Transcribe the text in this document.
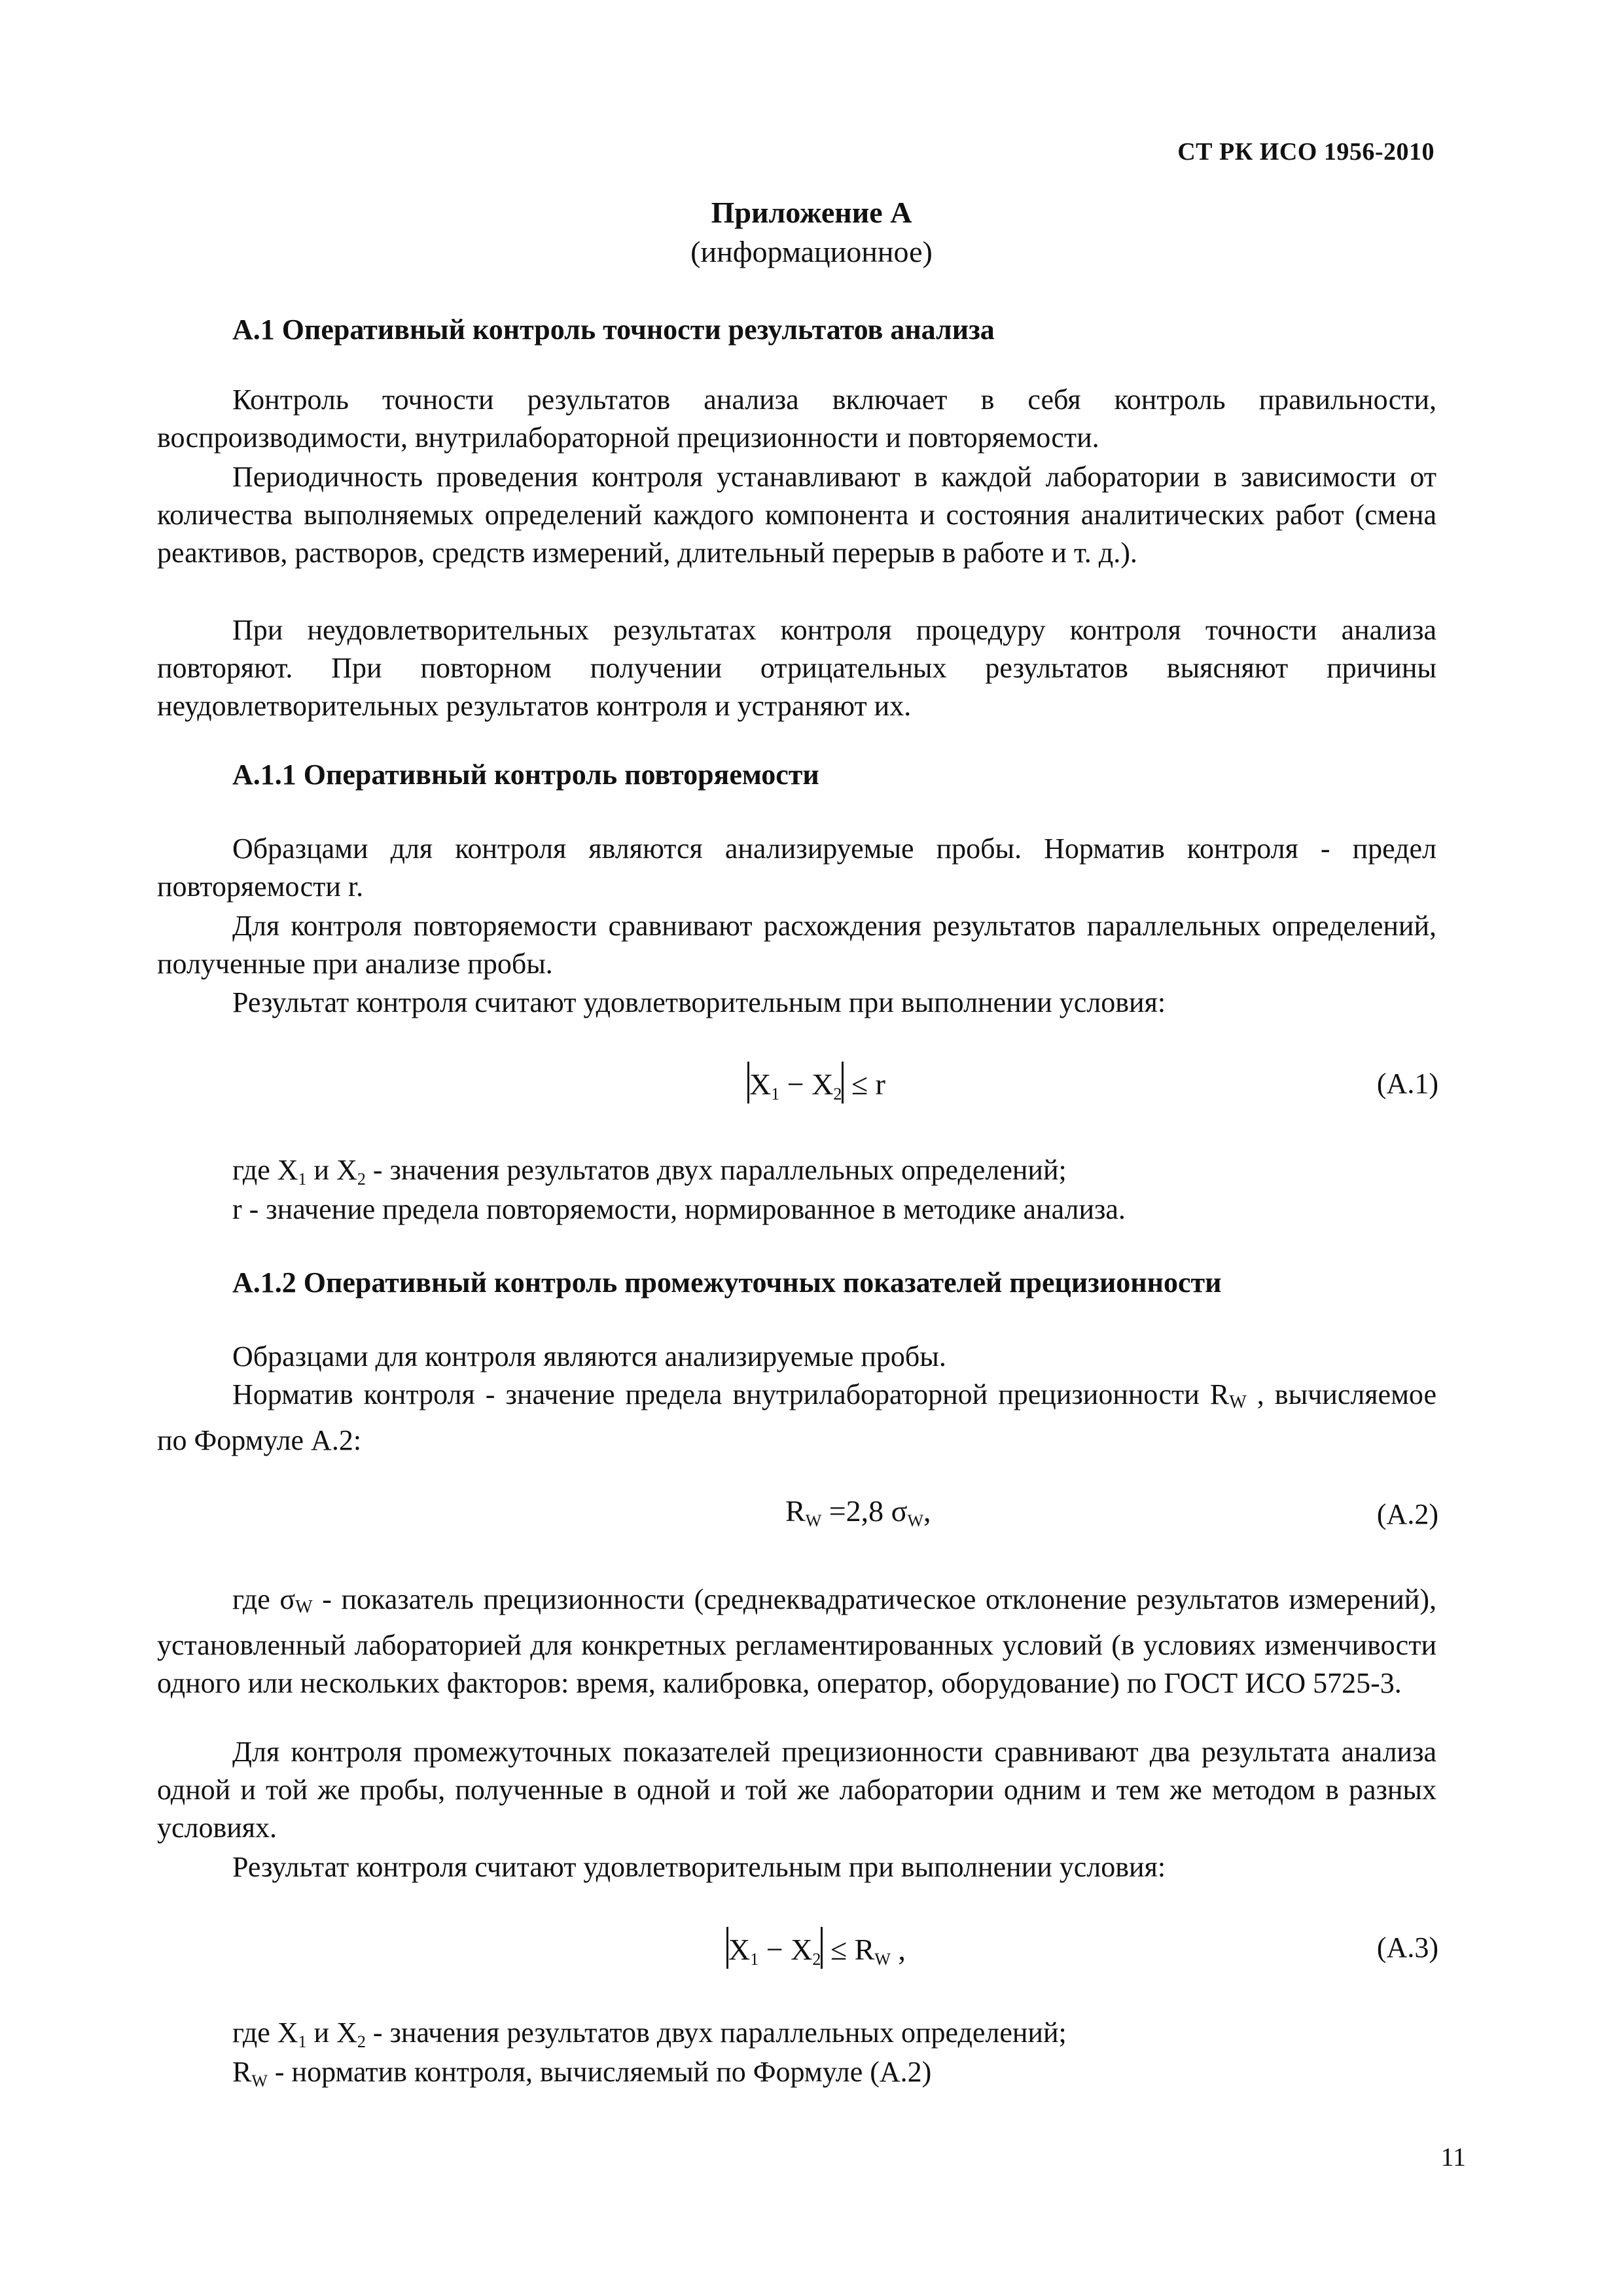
СТ РК ИСО 1956-2010
Приложение А
(информационное)
А.1 Оперативный контроль точности результатов анализа
Контроль точности результатов анализа включает в себя контроль правильности, воспроизводимости, внутрилабораторной прецизионности и повторяемости.
Периодичность проведения контроля устанавливают в каждой лаборатории в зависимости от количества выполняемых определений каждого компонента и состояния аналитических работ (смена реактивов, растворов, средств измерений, длительный перерыв в работе и т. д.).
При неудовлетворительных результатах контроля процедуру контроля точности анализа повторяют. При повторном получении отрицательных результатов выясняют причины неудовлетворительных результатов контроля и устраняют их.
А.1.1 Оперативный контроль повторяемости
Образцами для контроля являются анализируемые пробы. Норматив контроля - предел повторяемости r.
Для контроля повторяемости сравнивают расхождения результатов параллельных определений, полученные при анализе пробы.
Результат контроля считают удовлетворительным при выполнении условия:
$X_1 - X_2 \le r$	(А.1)
где $X_1$ и $X_2$ - значения результатов двух параллельных определений;
r - значение предела повторяемости, нормированное в методике анализа.
А.1.2 Оперативный контроль промежуточных показателей прецизионности
Образцами для контроля являются анализируемые пробы.
Норматив контроля - значение предела внутрилабораторной прецизионности $R_W$ , вычисляемое по Формуле А.2:
$R_W =2,8$ $\sigma_W$,	(А.2)
где $\sigma_W$ - показатель прецизионности (среднеквадратическое отклонение результатов измерений), установленный лабораторией для конкретных регламентированных условий (в условиях изменчивости одного или нескольких факторов: время, калибровка, оператор, оборудование) по ГОСТ ИСО 5725-3.
Для контроля промежуточных показателей прецизионности сравнивают два результата анализа одной и той же пробы, полученные в одной и той же лаборатории одним и тем же методом в разных условиях.
Результат контроля считают удовлетворительным при выполнении условия:
$X_1 - X_2 \le R_W$ ,	(А.3)
где $X_1$ и $X_2$ - значения результатов двух параллельных определений;
$R_W$ - норматив контроля, вычисляемый по Формуле (А.2)
11
